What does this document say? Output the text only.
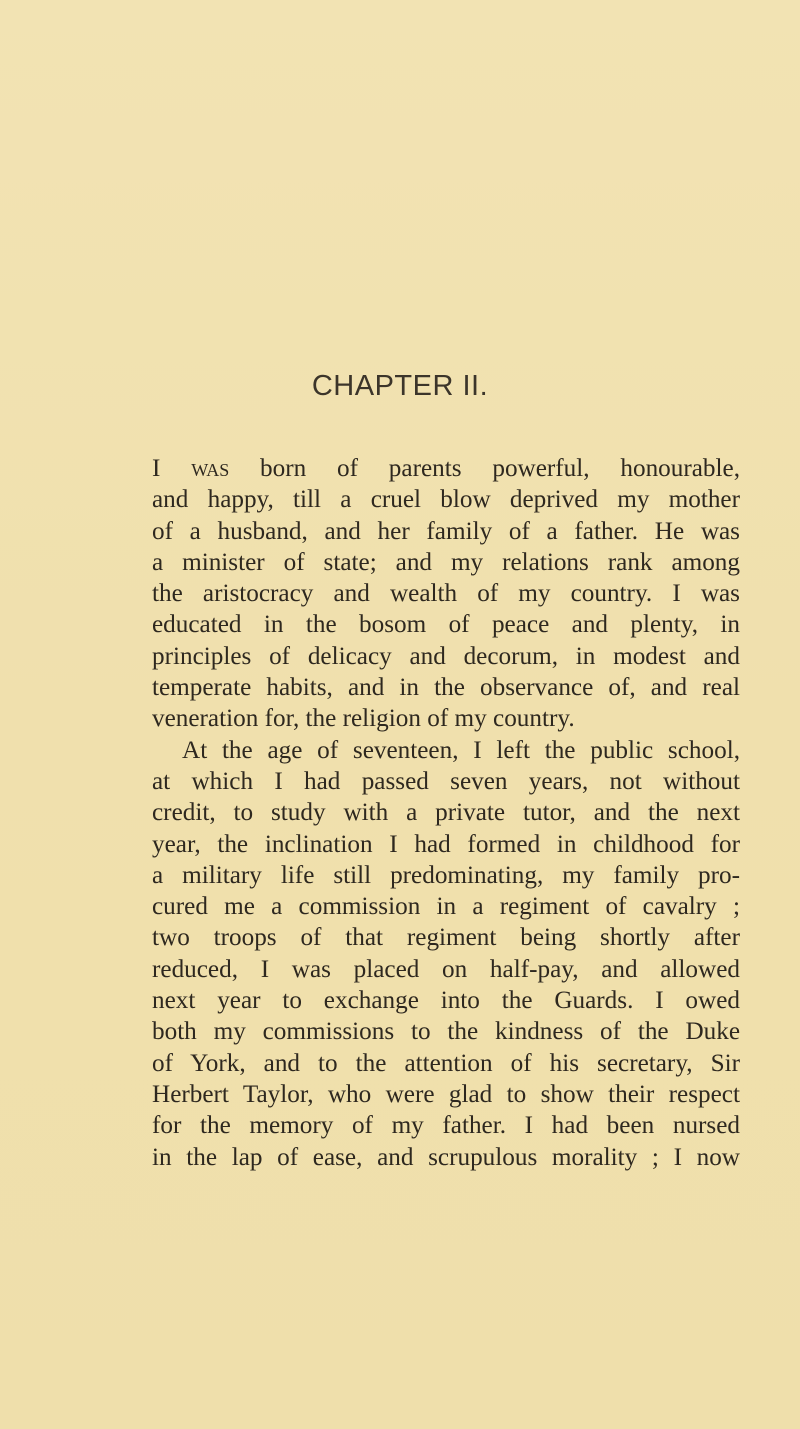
CHAPTER II.
I was born of parents powerful, honourable,
and happy, till a cruel blow deprived my mother
of a husband, and her family of a father. He was
a minister of state; and my relations rank among
the aristocracy and wealth of my country. I was
educated in the bosom of peace and plenty, in
principles of delicacy and decorum, in modest and
temperate habits, and in the observance of, and real
veneration for, the religion of my country.
At the age of seventeen, I left the public school,
at which I had passed seven years, not without
credit, to study with a private tutor, and the next
year, the inclination I had formed in childhood for
a military life still predominating, my family pro-
cured me a commission in a regiment of cavalry ;
two troops of that regiment being shortly after
reduced, I was placed on half-pay, and allowed
next year to exchange into the Guards. I owed
both my commissions to the kindness of the Duke
of York, and to the attention of his secretary, Sir
Herbert Taylor, who were glad to show their respect
for the memory of my father. I had been nursed
in the lap of ease, and scrupulous morality ; I now
